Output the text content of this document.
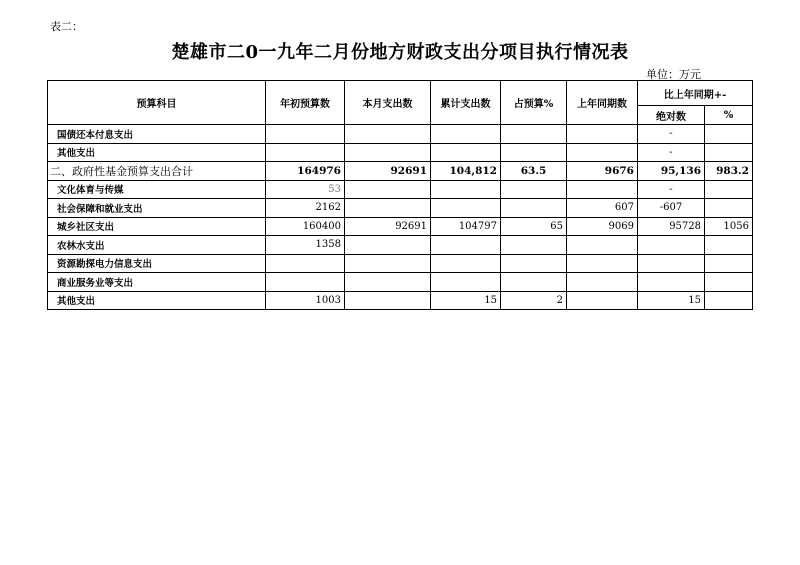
表二：
楚雄市二0一九年二月份地方财政支出分项目执行情况表
单位：万元
预算科目	年初预算数	本月支出数	累计支出数	占预算%	上年同期数	比上年同期+-	
						绝对数	%
国债还本付息支出						-	
其他支出						-	
二、政府性基金预算支出合计	164976	92691	104,812	63.5	9676	95,136	983.2
文化体育与传媒	53					-	
社会保障和就业支出	2162				607	-607	
城乡社区支出	160400	92691	104797	65	9069	95728	1056
农林水支出	1358						
资源勘探电力信息支出							
商业服务业等支出							
其他支出	1003		15	2		15	
